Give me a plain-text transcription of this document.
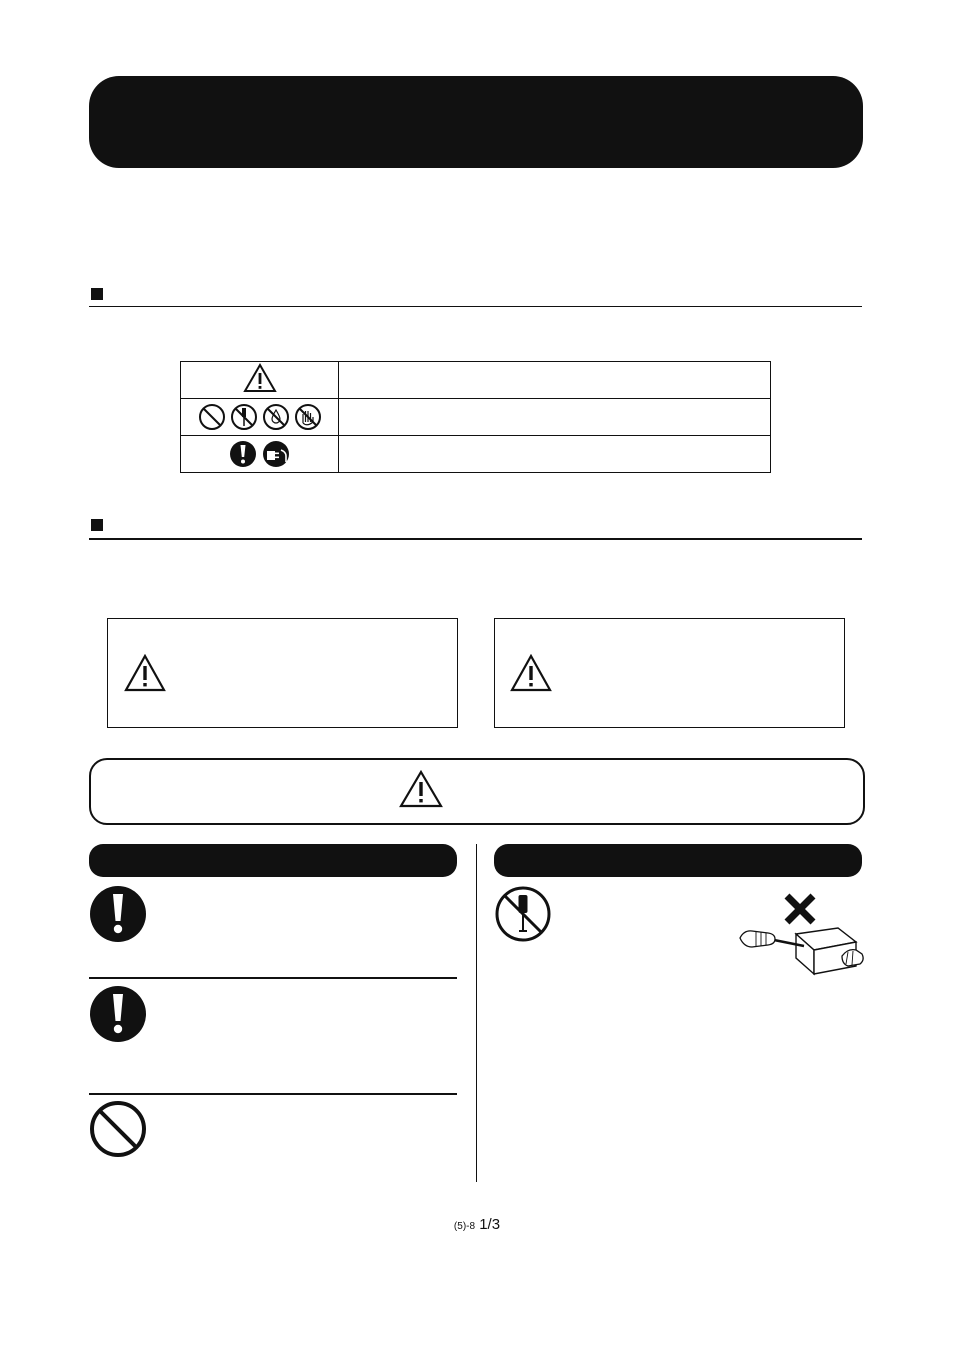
(5)-8 1/3
